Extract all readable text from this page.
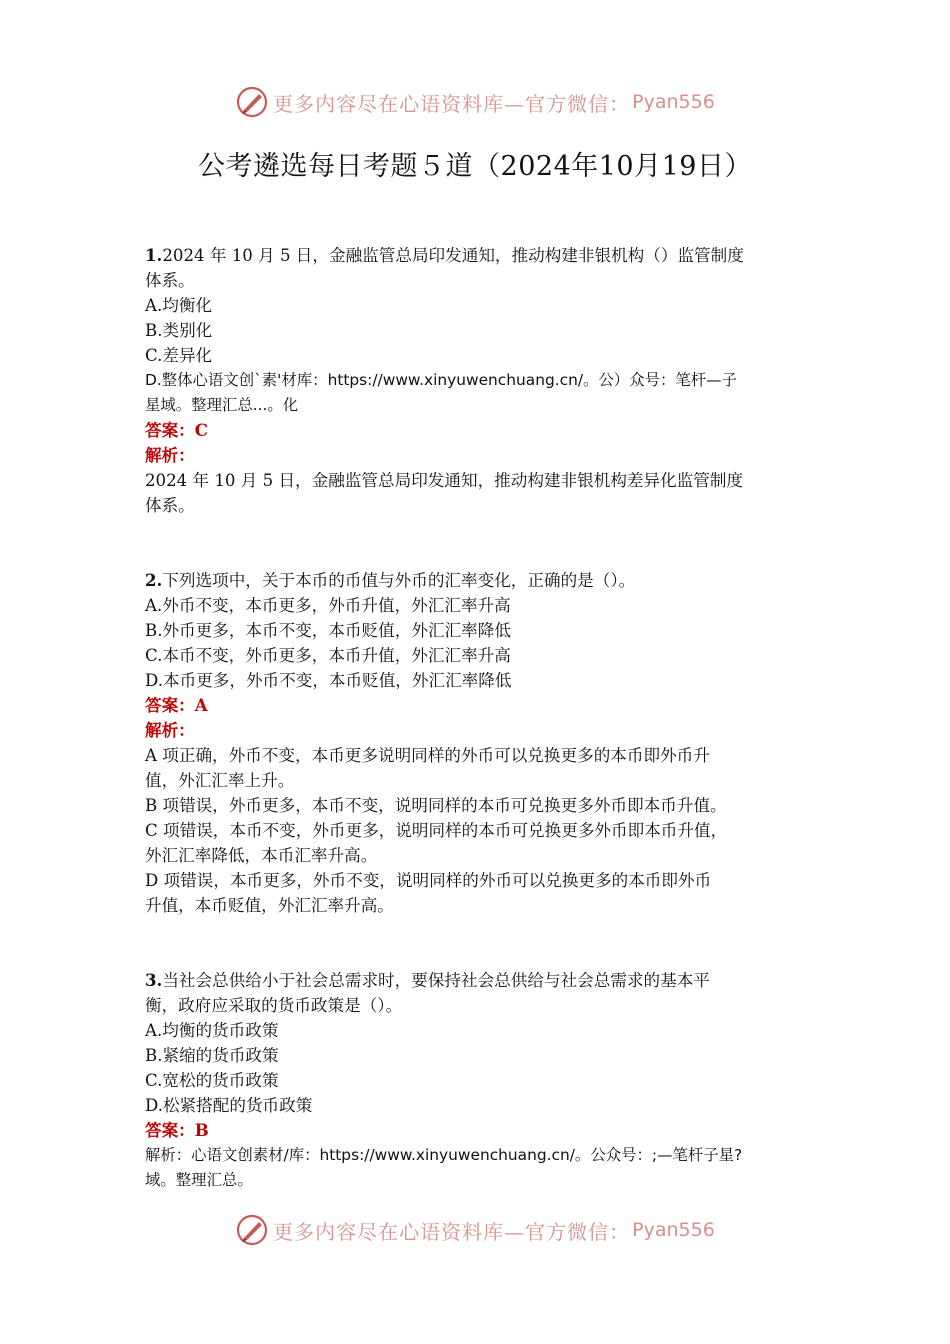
更多内容尽在心语资料库—官方微信： Pyan556
公考遴选每日考题５道（2024年10月19日）

1.2024 年 10 月 5 日，金融监管总局印发通知，推动构建非银机构（）监管制度

体系。

A.均衡化

B.类别化

C.差异化

D.整体心语文创`素'材库：https://www.xinyuwenchuang.cn/。公）众号：笔杆—子

星域。整理汇总...。化

答案：C

解析：

2024 年 10 月 5 日，金融监管总局印发通知，推动构建非银机构差异化监管制度

体系。

2.下列选项中，关于本币的币值与外币的汇率变化，正确的是（）。

A.外币不变，本币更多，外币升值，外汇汇率升高

B.外币更多，本币不变，本币贬值，外汇汇率降低

C.本币不变，外币更多，本币升值，外汇汇率升高

D.本币更多，外币不变，本币贬值，外汇汇率降低

答案：A

解析：

A 项正确，外币不变，本币更多说明同样的外币可以兑换更多的本币即外币升

值，外汇汇率上升。

B 项错误，外币更多，本币不变，说明同样的本币可兑换更多外币即本币升值。

C 项错误，本币不变，外币更多，说明同样的本币可兑换更多外币即本币升值，

外汇汇率降低，本币汇率升高。

D 项错误，本币更多，外币不变，说明同样的外币可以兑换更多的本币即外币

升值，本币贬值，外汇汇率升高。

3.当社会总供给小于社会总需求时，要保持社会总供给与社会总需求的基本平

衡，政府应采取的货币政策是（）。

A.均衡的货币政策

B.紧缩的货币政策

C.宽松的货币政策

D.松紧搭配的货币政策

答案：B

解析：心语文创素材/库：https://www.xinyuwenchuang.cn/。公众号：;—笔杆子星?

域。整理汇总。

更多内容尽在心语资料库—官方微信： Pyan556
